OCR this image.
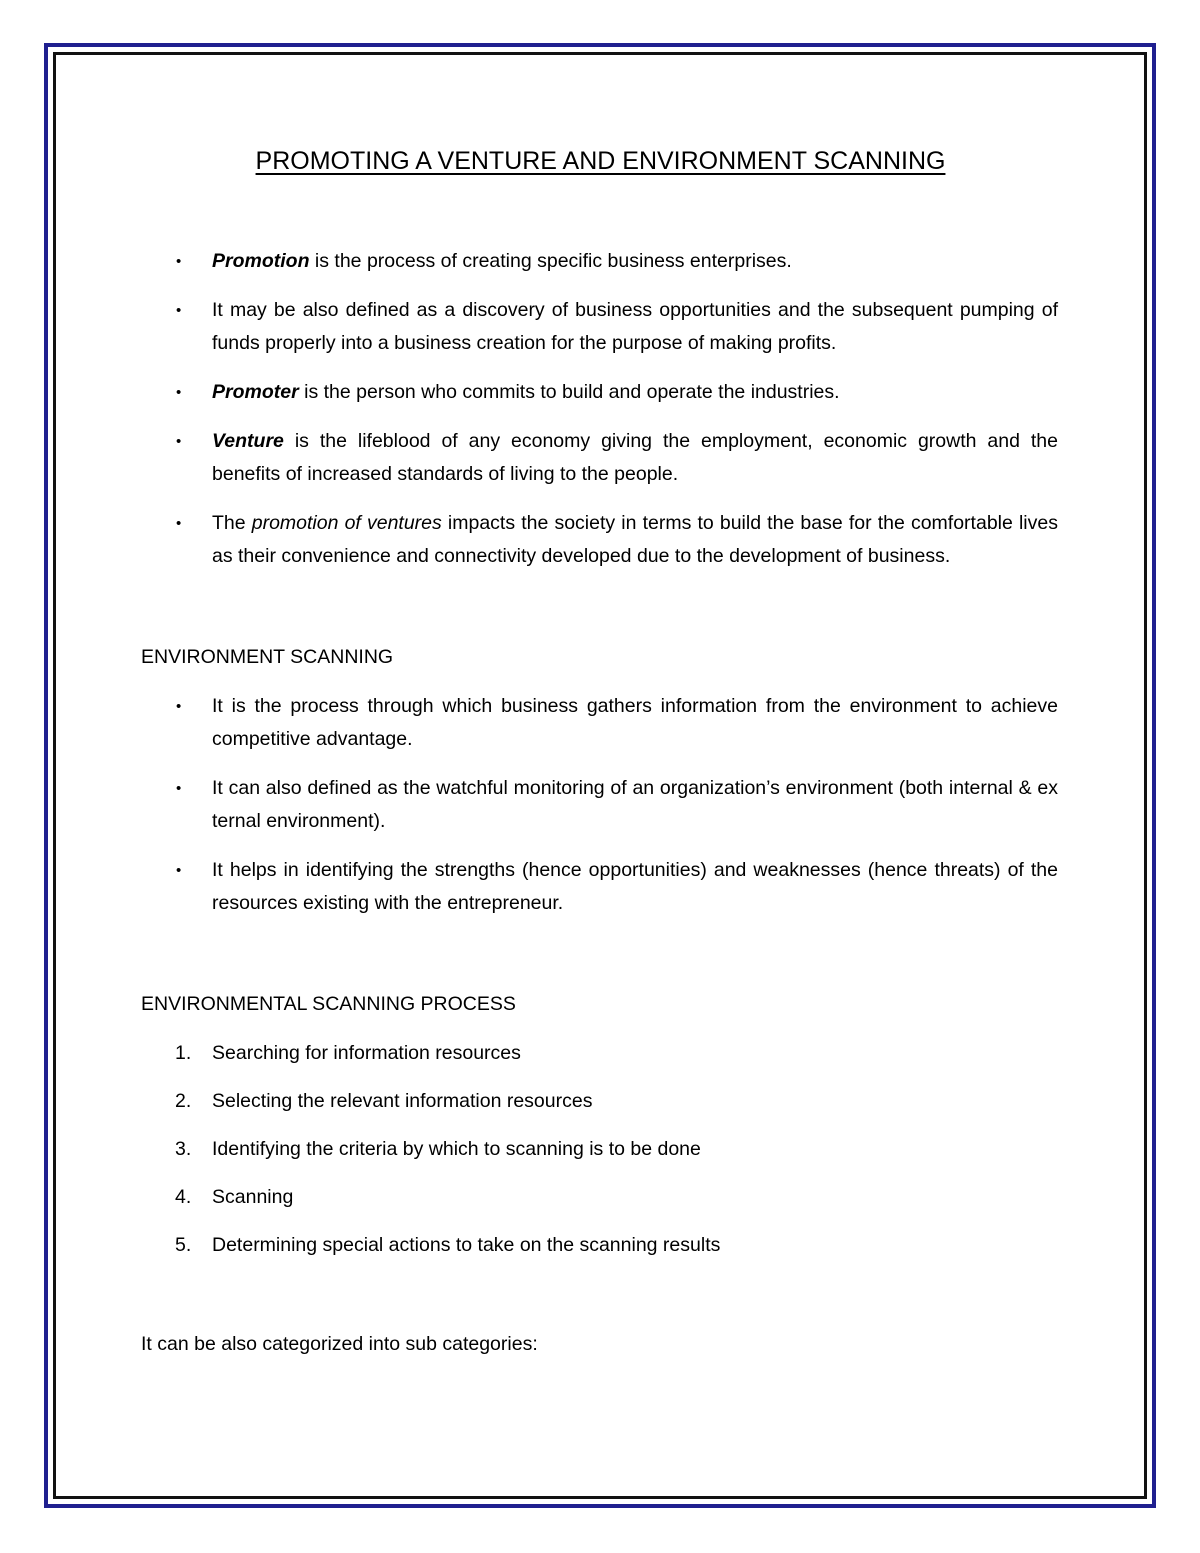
PROMOTING A VENTURE AND ENVIRONMENT SCANNING
• Promotion is the process of creating specific business enterprises.
• It may be also defined as a discovery of business opportunities and the subsequent pumping of funds properly into a business creation for the purpose of making profits.
• Promoter is the person who commits to build and operate the industries.
• Venture is the lifeblood of any economy giving the employment, economic growth and the benefits of increased standards of living to the people.
• The promotion of ventures impacts the society in terms to build the base for the comfortable lives as their convenience and connectivity developed due to the development of business.
ENVIRONMENT SCANNING
• It is the process through which business gathers information from the environment to achieve competitive advantage.
• It can also defined as the watchful monitoring of an organization’s environment (both internal & ex ternal environment).
• It helps in identifying the strengths (hence opportunities) and weaknesses (hence threats) of the resources existing with the entrepreneur.
ENVIRONMENTAL SCANNING PROCESS
1. Searching for information resources
2. Selecting the relevant information resources
3. Identifying the criteria by which to scanning is to be done
4. Scanning
5. Determining special actions to take on the scanning results

It can be also categorized into sub categories:
